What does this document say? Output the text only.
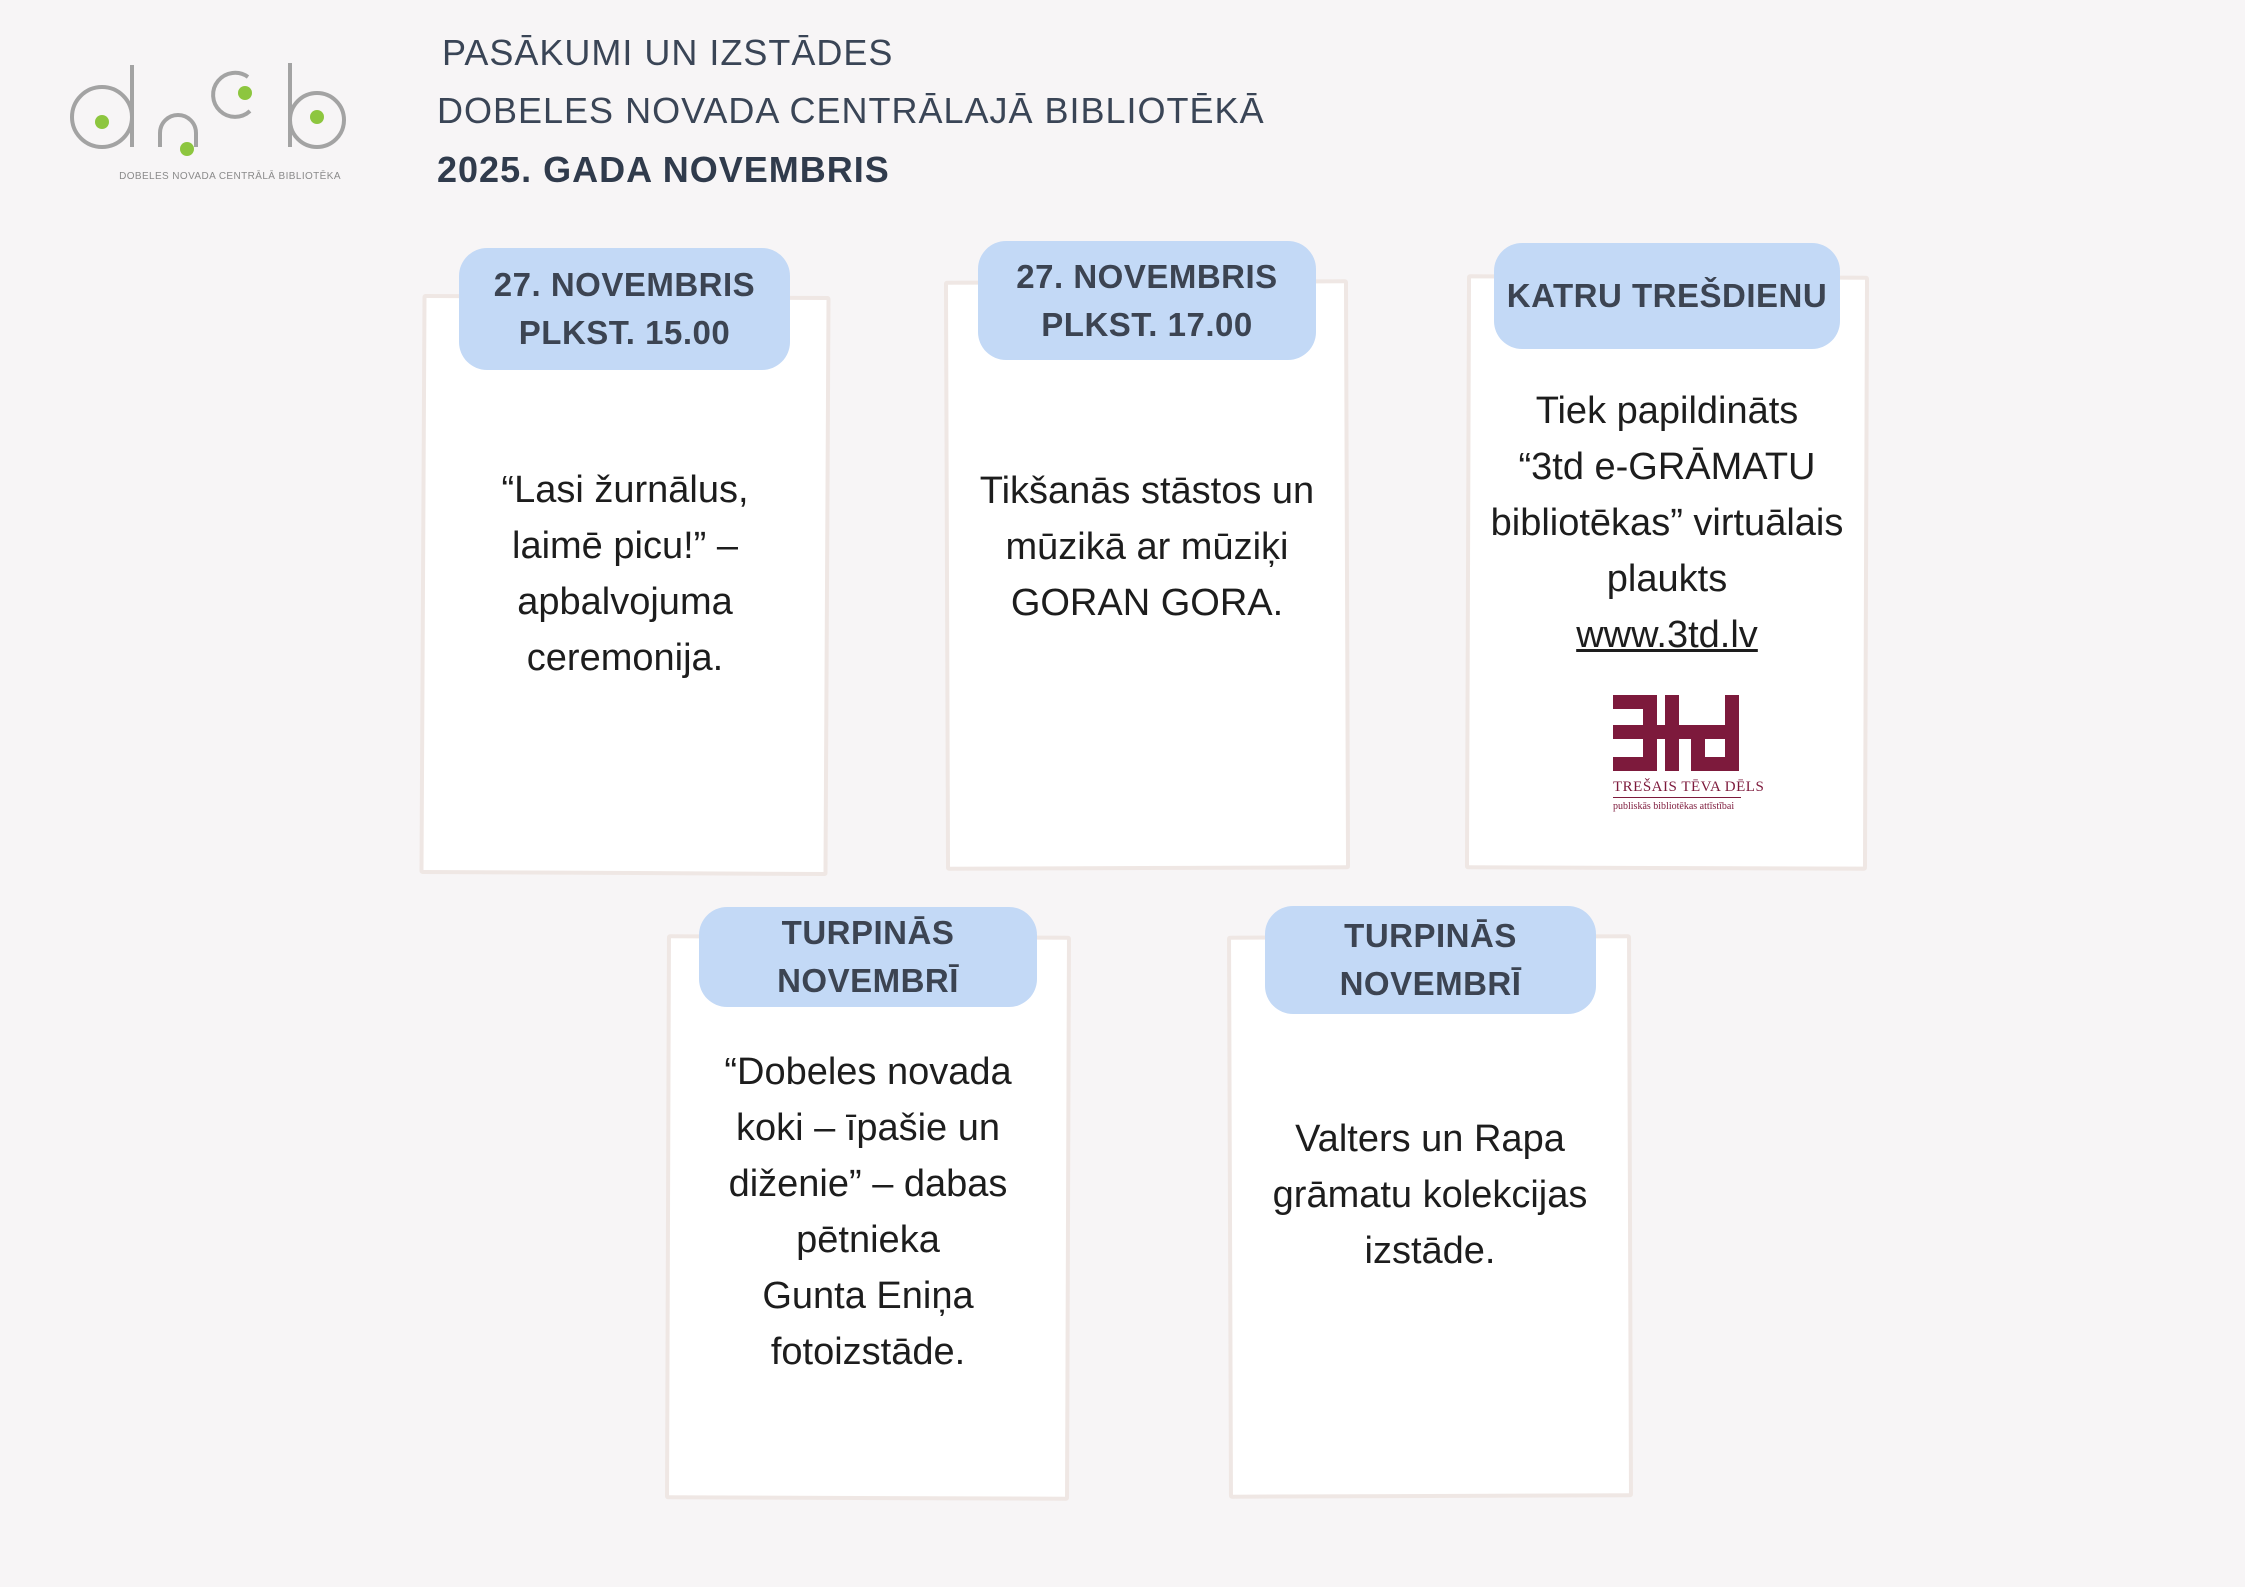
DOBELES NOVADA CENTRĀLĀ BIBLIOTĒKA
PASĀKUMI UN IZSTĀDES
DOBELES NOVADA CENTRĀLAJĀ BIBLIOTĒKĀ
2025. GADA NOVEMBRIS
27. NOVEMBRIS
PLKST. 15.00
“Lasi žurnālus,
laimē picu!” –
apbalvojuma
ceremonija.
27. NOVEMBRIS
PLKST. 17.00
Tikšanās stāstos un
mūzikā ar mūziķi
GORAN GORA.
KATRU TREŠDIENU
Tiek papildināts
“3td e-GRĀMATU
bibliotēkas” virtuālais
plaukts
www.3td.lv
TREŠAIS TĒVA DĒLS
publiskās bibliotēkas attīstībai
TURPINĀS
NOVEMBRĪ
“Dobeles novada
koki – īpašie un
diženie” – dabas
pētnieka
Gunta Eniņa
fotoizstāde.
TURPINĀS
NOVEMBRĪ
Valters un Rapa
grāmatu kolekcijas
izstāde.
